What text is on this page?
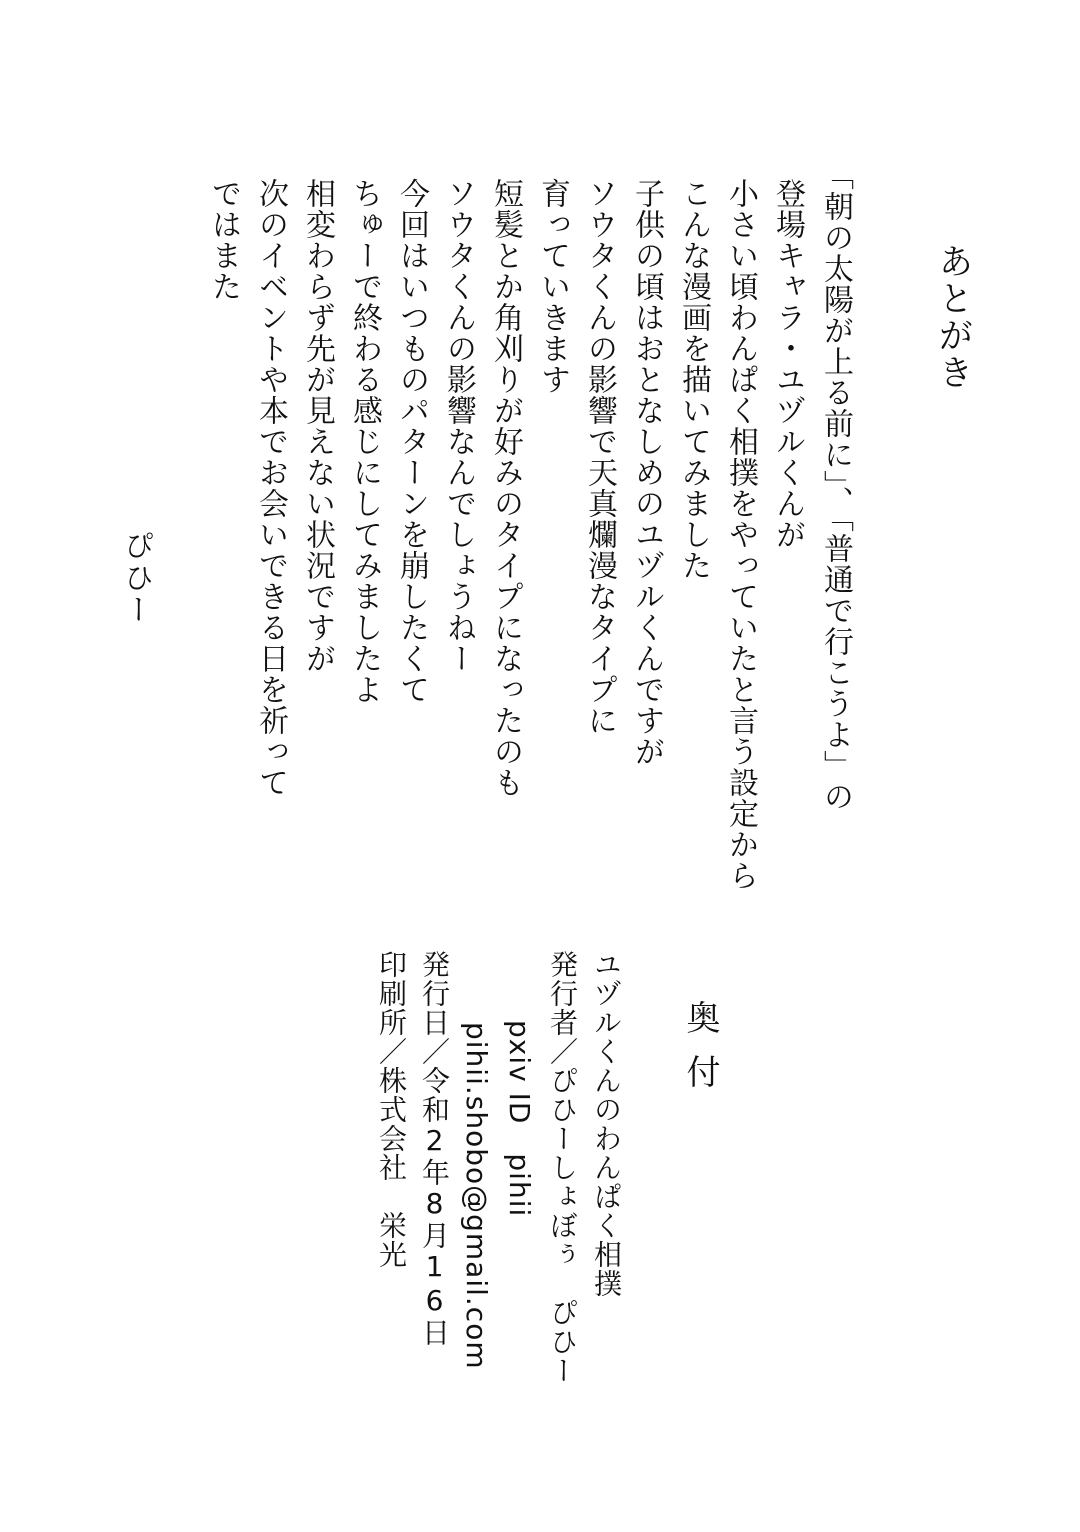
あとがき
「朝の太陽が上る前に」、「普通で行こうよ」の
登場キャラ・ユヅルくんが
小さい頃わんぱく相撲をやっていたと言う設定から
こんな漫画を描いてみました
子供の頃はおとなしめのユヅルくんですが
ソウタくんの影響で天真爛漫なタイプに
育っていきます
短髪とか角刈りが好みのタイプになったのも
ソウタくんの影響なんでしょうねー
今回はいつものパターンを崩したくて
ちゅーで終わる感じにしてみましたよ
相変わらず先が見えない状況ですが
次のイベントや本でお会いできる日を祈って
ではまた
ぴひー
奥付
ユヅルくんのわんぱく相撲
発行者／ぴひーしょぼぅ　ぴひー
pxiv ID　pihii
pihii.shobo@gmail.com
発行日／令和2年8月16日
印刷所／株式会社　栄光
